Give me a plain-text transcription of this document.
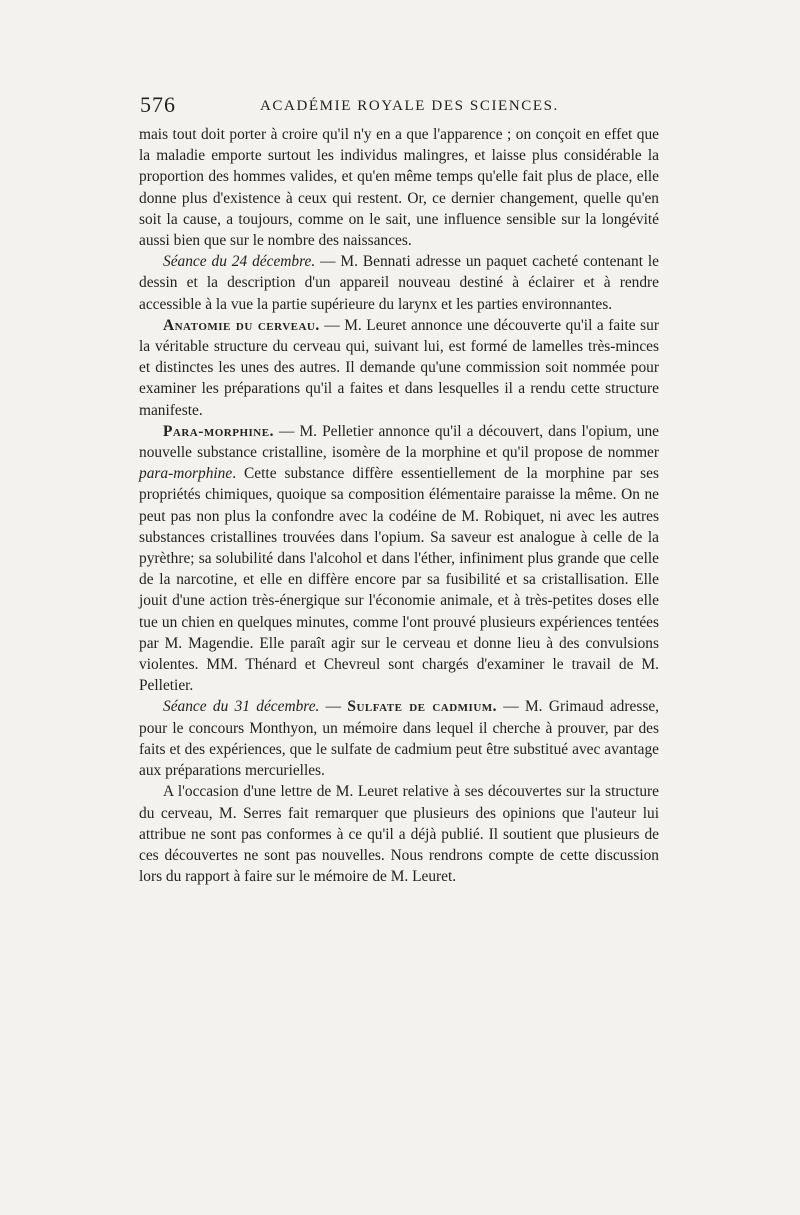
576	ACADÉMIE ROYALE DES SCIENCES.

mais tout doit porter à croire qu'il n'y en a que l'apparence ; on conçoit en effet que la maladie emporte surtout les individus malingres, et laisse plus considérable la proportion des hommes valides, et qu'en même temps qu'elle fait plus de place, elle donne plus d'existence à ceux qui restent. Or, ce dernier changement, quelle qu'en soit la cause, a toujours, comme on le sait, une influence sensible sur la longévité aussi bien que sur le nombre des naissances.

Séance du 24 décembre. — M. Bennati adresse un paquet cacheté contenant le dessin et la description d'un appareil nouveau destiné à éclairer et à rendre accessible à la vue la partie supérieure du larynx et les parties environnantes.

Anatomie du cerveau. — M. Leuret annonce une découverte qu'il a faite sur la véritable structure du cerveau qui, suivant lui, est formé de lamelles très-minces et distinctes les unes des autres. Il demande qu'une commission soit nommée pour examiner les préparations qu'il a faites et dans lesquelles il a rendu cette structure manifeste.

Para-morphine. — M. Pelletier annonce qu'il a découvert, dans l'opium, une nouvelle substance cristalline, isomère de la morphine et qu'il propose de nommer para-morphine. Cette substance diffère essentiellement de la morphine par ses propriétés chimiques, quoique sa composition élémentaire paraisse la même. On ne peut pas non plus la confondre avec la codéine de M. Robiquet, ni avec les autres substances cristallines trouvées dans l'opium. Sa saveur est analogue à celle de la pyrèthre; sa solubilité dans l'alcohol et dans l'éther, infiniment plus grande que celle de la narcotine, et elle en diffère encore par sa fusibilité et sa cristallisation. Elle jouit d'une action très-énergique sur l'économie animale, et à très-petites doses elle tue un chien en quelques minutes, comme l'ont prouvé plusieurs expériences tentées par M. Magendie. Elle paraît agir sur le cerveau et donne lieu à des convulsions violentes. MM. Thénard et Chevreul sont chargés d'examiner le travail de M. Pelletier.

Séance du 31 décembre. — Sulfate de cadmium. — M. Grimaud adresse, pour le concours Monthyon, un mémoire dans lequel il cherche à prouver, par des faits et des expériences, que le sulfate de cadmium peut être substitué avec avantage aux préparations mercurielles.

A l'occasion d'une lettre de M. Leuret relative à ses découvertes sur la structure du cerveau, M. Serres fait remarquer que plusieurs des opinions que l'auteur lui attribue ne sont pas conformes à ce qu'il a déjà publié. Il soutient que plusieurs de ces découvertes ne sont pas nouvelles. Nous rendrons compte de cette discussion lors du rapport à faire sur le mémoire de M. Leuret.
